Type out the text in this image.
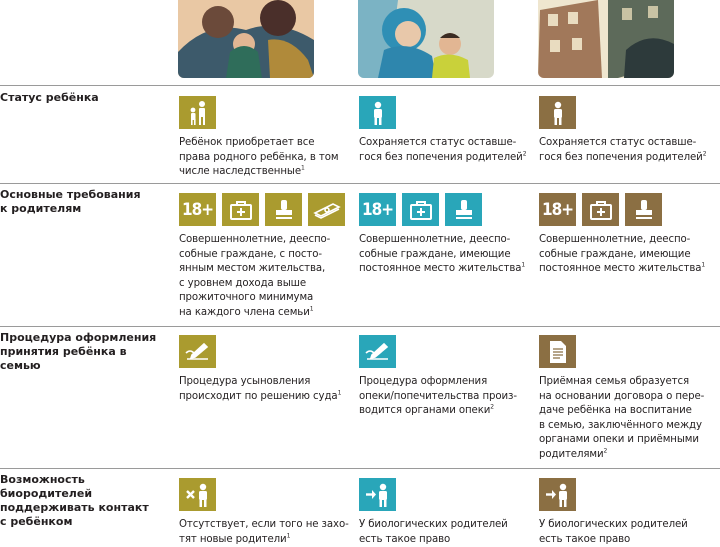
Статус ребёнка
Основные требования
к родителям
Процедура оформления
принятия ребёнка в семью
Возможность биородителей
поддерживать контакт
с ребёнком
Ребёнок приобретает все
права родного ребёнка, в том
числе наследственные$^1$
Сохраняется статус оставше-
гося без попечения родителей$^2$
Сохраняется статус оставше-
гося без попечения родителей$^2$
18+
Совершеннолетние, дееспо-
собные граждане, с посто-
янным местом жительства,
с уровнем дохода выше
прожиточного минимума
на каждого члена семьи$^1$
18+
Совершеннолетние, дееспо-
собные граждане, имеющие
постоянное место жительства$^1$
18+
Совершеннолетние, дееспо-
собные граждане, имеющие
постоянное место жительства$^1$
Процедура усыновления
происходит по решению суда$^1$
Процедура оформления
опеки/попечительства произ-
водится органами опеки$^2$
Приёмная семья образуется
на основании договора о пере-
даче ребёнка на воспитание
в семью, заключённого между
органами опеки и приёмными
родителями$^2$
Отсутствует, если того не захо-
тят новые родители$^1$
У биологических родителей
есть такое право
У биологических родителей
есть такое право
